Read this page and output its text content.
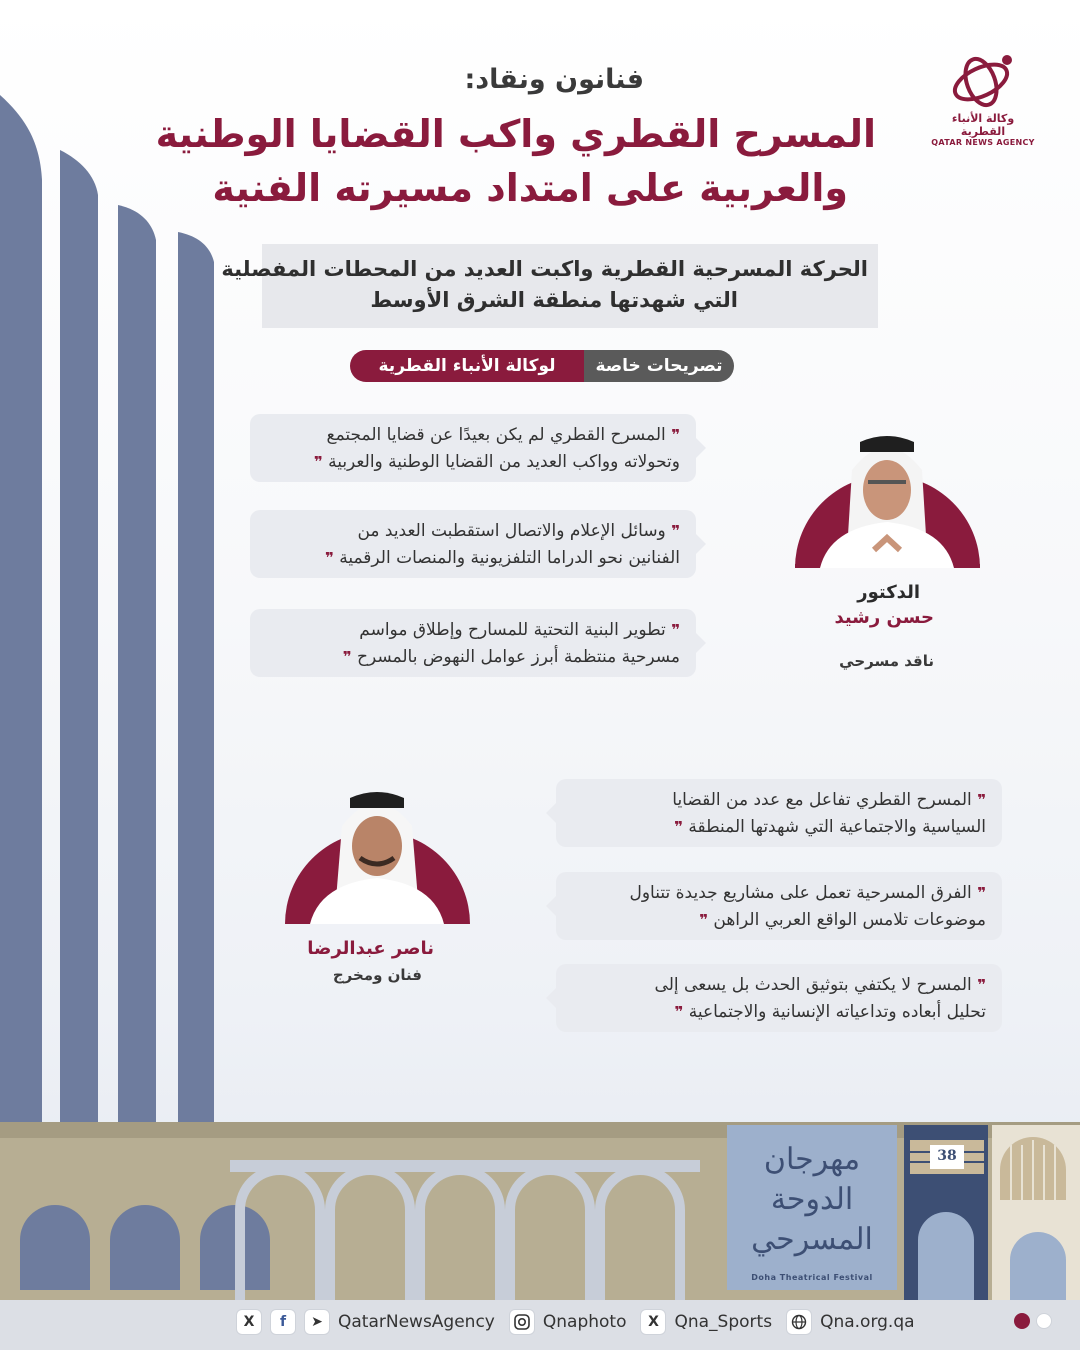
وكالة الأنباء القطرية
QATAR NEWS AGENCY
فنانون ونقاد:
المسرح القطري واكب القضايا الوطنية
والعربية على امتداد مسيرته الفنية
الحركة المسرحية القطرية واكبت العديد من المحطات المفصلية
التي شهدتها منطقة الشرق الأوسط
تصريحات خاصة
لوكالة الأنباء القطرية
❞ المسرح القطري لم يكن بعيدًا عن قضايا المجتمع
وتحولاته وواكب العديد من القضايا الوطنية والعربية ❞
❞ وسائل الإعلام والاتصال استقطبت العديد من
الفنانين نحو الدراما التلفزيونية والمنصات الرقمية ❞
❞ تطوير البنية التحتية للمسارح وإطلاق مواسم
مسرحية منتظمة أبرز عوامل النهوض بالمسرح ❞
الدكتور
حسن رشيد
ناقد مسرحي
ناصر عبدالرضا
فنان ومخرج
❞ المسرح القطري تفاعل مع عدد من القضايا
السياسية والاجتماعية التي شهدتها المنطقة ❞
❞ الفرق المسرحية تعمل على مشاريع جديدة تتناول
موضوعات تلامس الواقع العربي الراهن ❞
❞ المسرح لا يكتفي بتوثيق الحدث بل يسعى إلى
تحليل أبعاده وتداعياته الإنسانية والاجتماعية ❞
مهرجان
الدوحة
المسرحي
Doha Theatrical Festival
38
X	f	➤ QatarNewsAgency	Qnaphoto	X Qna_Sports	Qna.org.qa
